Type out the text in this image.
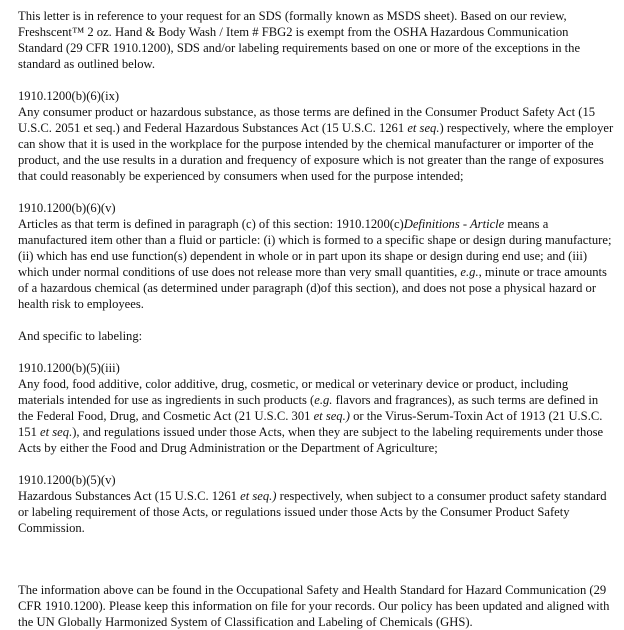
This letter is in reference to your request for an SDS (formally known as MSDS sheet). Based on our review, Freshscent™ 2 oz. Hand & Body Wash / Item # FBG2 is exempt from the OSHA Hazardous Communication Standard (29 CFR 1910.1200), SDS and/or labeling requirements based on one or more of the exceptions in the standard as outlined below.

1910.1200(b)(6)(ix)

Any consumer product or hazardous substance, as those terms are defined in the Consumer Product Safety Act (15 U.S.C. 2051 et seq.) and Federal Hazardous Substances Act (15 U.S.C. 1261 et seq.) respectively, where the employer can show that it is used in the workplace for the purpose intended by the chemical manufacturer or importer of the product, and the use results in a duration and frequency of exposure which is not greater than the range of exposures that could reasonably be experienced by consumers when used for the purpose intended;

1910.1200(b)(6)(v)

Articles as that term is defined in paragraph (c) of this section: 1910.1200(c)Definitions - Article means a manufactured item other than a fluid or particle: (i) which is formed to a specific shape or design during manufacture; (ii) which has end use function(s) dependent in whole or in part upon its shape or design during end use; and (iii) which under normal conditions of use does not release more than very small quantities, e.g., minute or trace amounts of a hazardous chemical (as determined under paragraph (d)of this section), and does not pose a physical hazard or health risk to employees.

And specific to labeling:

1910.1200(b)(5)(iii)

Any food, food additive, color additive, drug, cosmetic, or medical or veterinary device or product, including materials intended for use as ingredients in such products (e.g. flavors and fragrances), as such terms are defined in the Federal Food, Drug, and Cosmetic Act (21 U.S.C. 301 et seq.) or the Virus-Serum-Toxin Act of 1913 (21 U.S.C. 151 et seq.), and regulations issued under those Acts, when they are subject to the labeling requirements under those Acts by either the Food and Drug Administration or the Department of Agriculture;

1910.1200(b)(5)(v)

Hazardous Substances Act (15 U.S.C. 1261 et seq.) respectively, when subject to a consumer product safety standard or labeling requirement of those Acts, or regulations issued under those Acts by the Consumer Product Safety Commission.

The information above can be found in the Occupational Safety and Health Standard for Hazard Communication (29 CFR 1910.1200). Please keep this information on file for your records. Our policy has been updated and aligned with the UN Globally Harmonized System of Classification and Labeling of Chemicals (GHS).
